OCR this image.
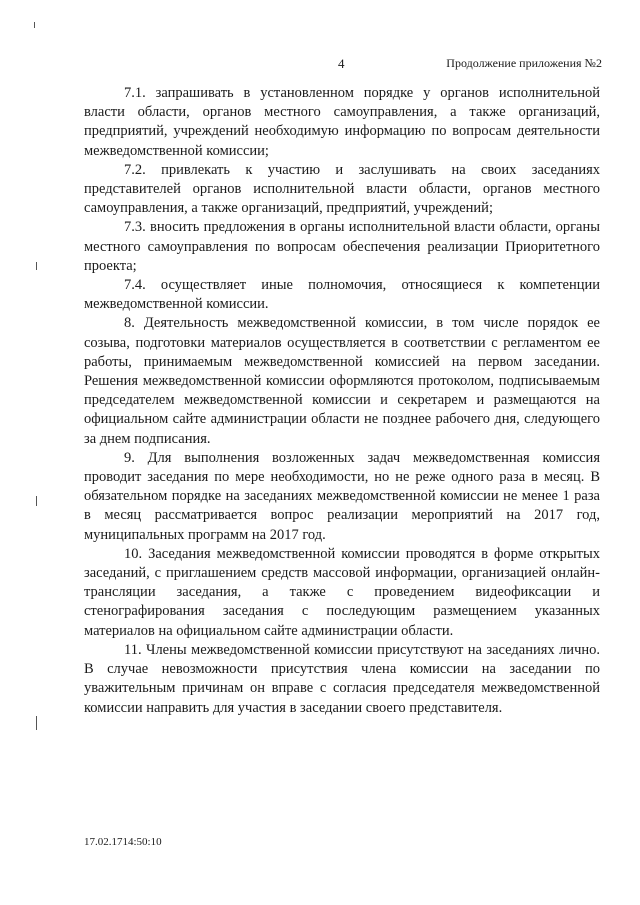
4	Продолжение приложения №2

7.1. запрашивать в установленном порядке у органов исполнительной власти области, органов местного самоуправления, а также организаций, предприятий, учреждений необходимую информацию по вопросам деятельности межведомственной комиссии;

7.2. привлекать к участию и заслушивать на своих заседаниях представителей органов исполнительной власти области, органов местного самоуправления, а также организаций, предприятий, учреждений;

7.3. вносить предложения в органы исполнительной власти области, органы местного самоуправления по вопросам обеспечения реализации Приоритетного проекта;

7.4. осуществляет иные полномочия, относящиеся к компетенции межведомственной комиссии.

8. Деятельность межведомственной комиссии, в том числе порядок ее созыва, подготовки материалов осуществляется в соответствии с регламентом ее работы, принимаемым межведомственной комиссией на первом заседании. Решения межведомственной комиссии оформляются протоколом, подписываемым председателем межведомственной комиссии и секретарем и размещаются на официальном сайте администрации области не позднее рабочего дня, следующего за днем подписания.

9. Для выполнения возложенных задач межведомственная комиссия проводит заседания по мере необходимости, но не реже одного раза в месяц. В обязательном порядке на заседаниях межведомственной комиссии не менее 1 раза в месяц рассматривается вопрос реализации мероприятий на 2017 год, муниципальных программ на 2017 год.

10. Заседания межведомственной комиссии проводятся в форме открытых заседаний, с приглашением средств массовой информации, организацией онлайн-трансляции заседания, а также с проведением видеофиксации и стенографирования заседания с последующим размещением указанных материалов на официальном сайте администрации области.

11. Члены межведомственной комиссии присутствуют на заседаниях лично. В случае невозможности присутствия члена комиссии на заседании по уважительным причинам он вправе с согласия председателя межведомственной комиссии направить для участия в заседании своего представителя.

17.02.1714:50:10
